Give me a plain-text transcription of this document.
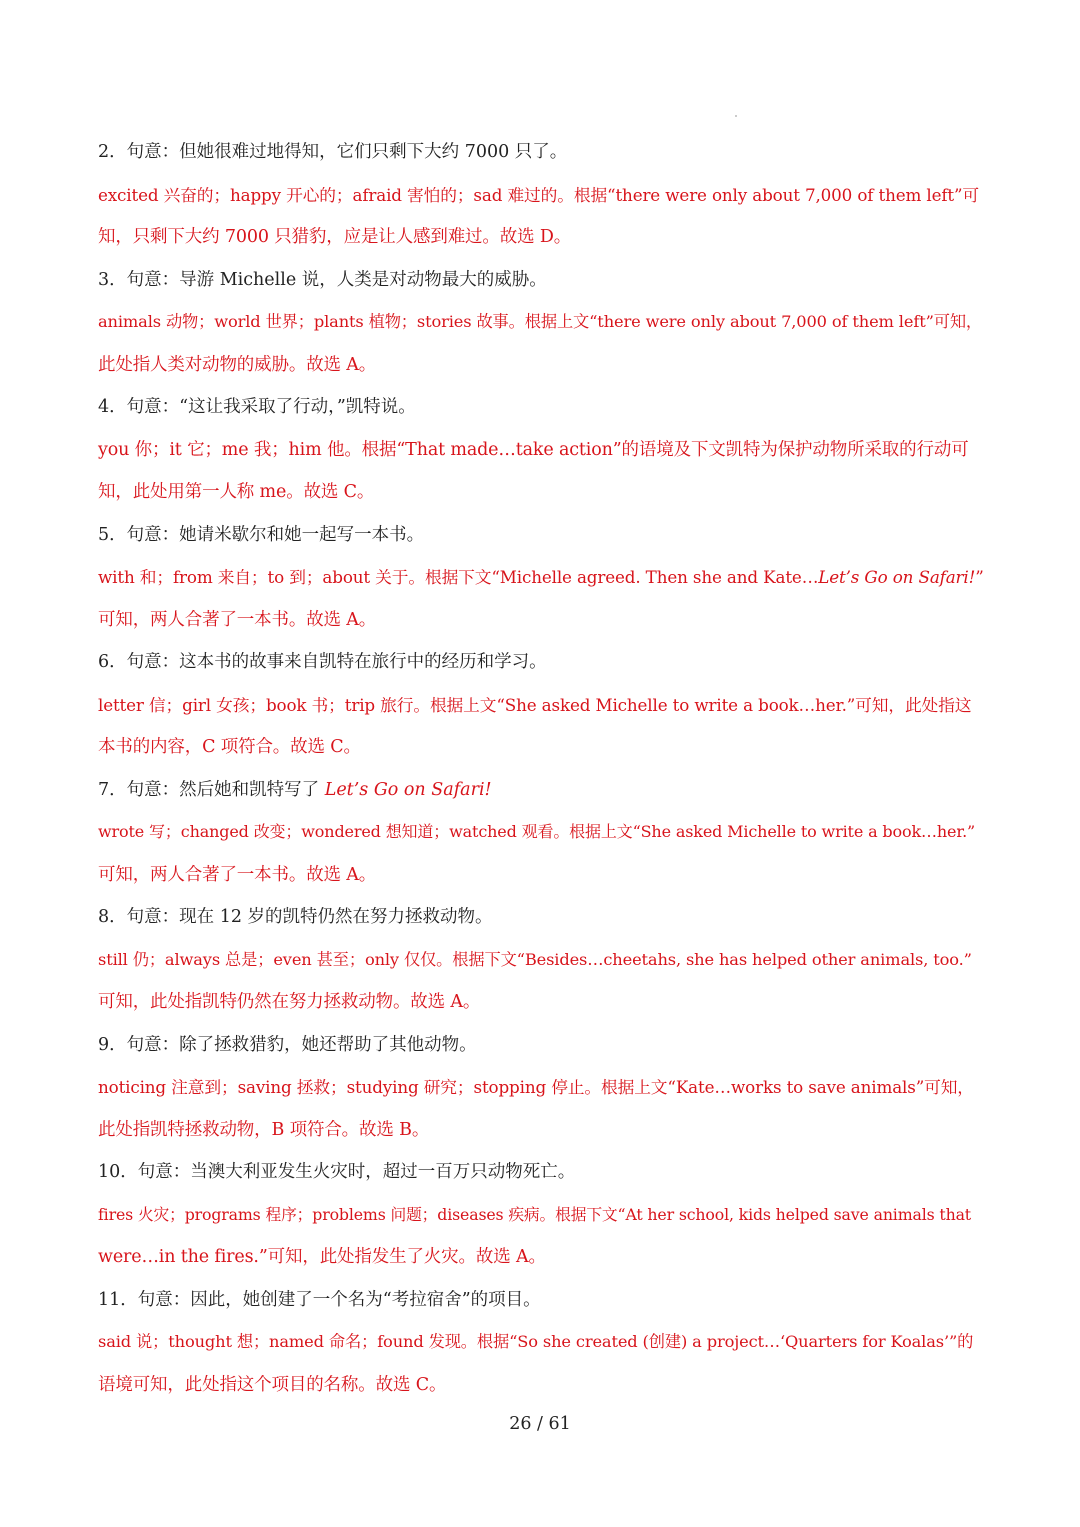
2．句意：但她很难过地得知，它们只剩下大约 7000 只了。
excited 兴奋的；happy 开心的；afraid 害怕的；sad 难过的。根据“there were only about 7,000 of them left”可
知，只剩下大约 7000 只猎豹，应是让人感到难过。故选 D。
3．句意：导游 Michelle 说，人类是对动物最大的威胁。
animals 动物；world 世界；plants 植物；stories 故事。根据上文“there were only about 7,000 of them left”可知，
此处指人类对动物的威胁。故选 A。
4．句意：“这让我采取了行动，”凯特说。
you 你；it 它；me 我；him 他。根据“That made…take action”的语境及下文凯特为保护动物所采取的行动可
知，此处用第一人称 me。故选 C。
5．句意：她请米歇尔和她一起写一本书。
with 和；from 来自；to 到；about 关于。根据下文“Michelle agreed. Then she and Kate…Let’s Go on Safari!”
可知，两人合著了一本书。故选 A。
6．句意：这本书的故事来自凯特在旅行中的经历和学习。
letter 信；girl 女孩；book 书；trip 旅行。根据上文“She asked Michelle to write a book…her.”可知，此处指这
本书的内容，C 项符合。故选 C。
7．句意：然后她和凯特写了 Let’s Go on Safari!
wrote 写；changed 改变；wondered 想知道；watched 观看。根据上文“She asked Michelle to write a book…her.”
可知，两人合著了一本书。故选 A。
8．句意：现在 12 岁的凯特仍然在努力拯救动物。
still 仍；always 总是；even 甚至；only 仅仅。根据下文“Besides…cheetahs, she has helped other animals, too.”
可知，此处指凯特仍然在努力拯救动物。故选 A。
9．句意：除了拯救猎豹，她还帮助了其他动物。
noticing 注意到；saving 拯救；studying 研究；stopping 停止。根据上文“Kate…works to save animals”可知，
此处指凯特拯救动物，B 项符合。故选 B。
10．句意：当澳大利亚发生火灾时，超过一百万只动物死亡。
fires 火灾；programs 程序；problems 问题；diseases 疾病。根据下文“At her school, kids helped save animals that
were…in the fires.”可知，此处指发生了火灾。故选 A。
11．句意：因此，她创建了一个名为“考拉宿舍”的项目。
said 说；thought 想；named 命名；found 发现。根据“So she created (创建) a project…‘Quarters for Koalas’”的
语境可知，此处指这个项目的名称。故选 C。
26 / 61
